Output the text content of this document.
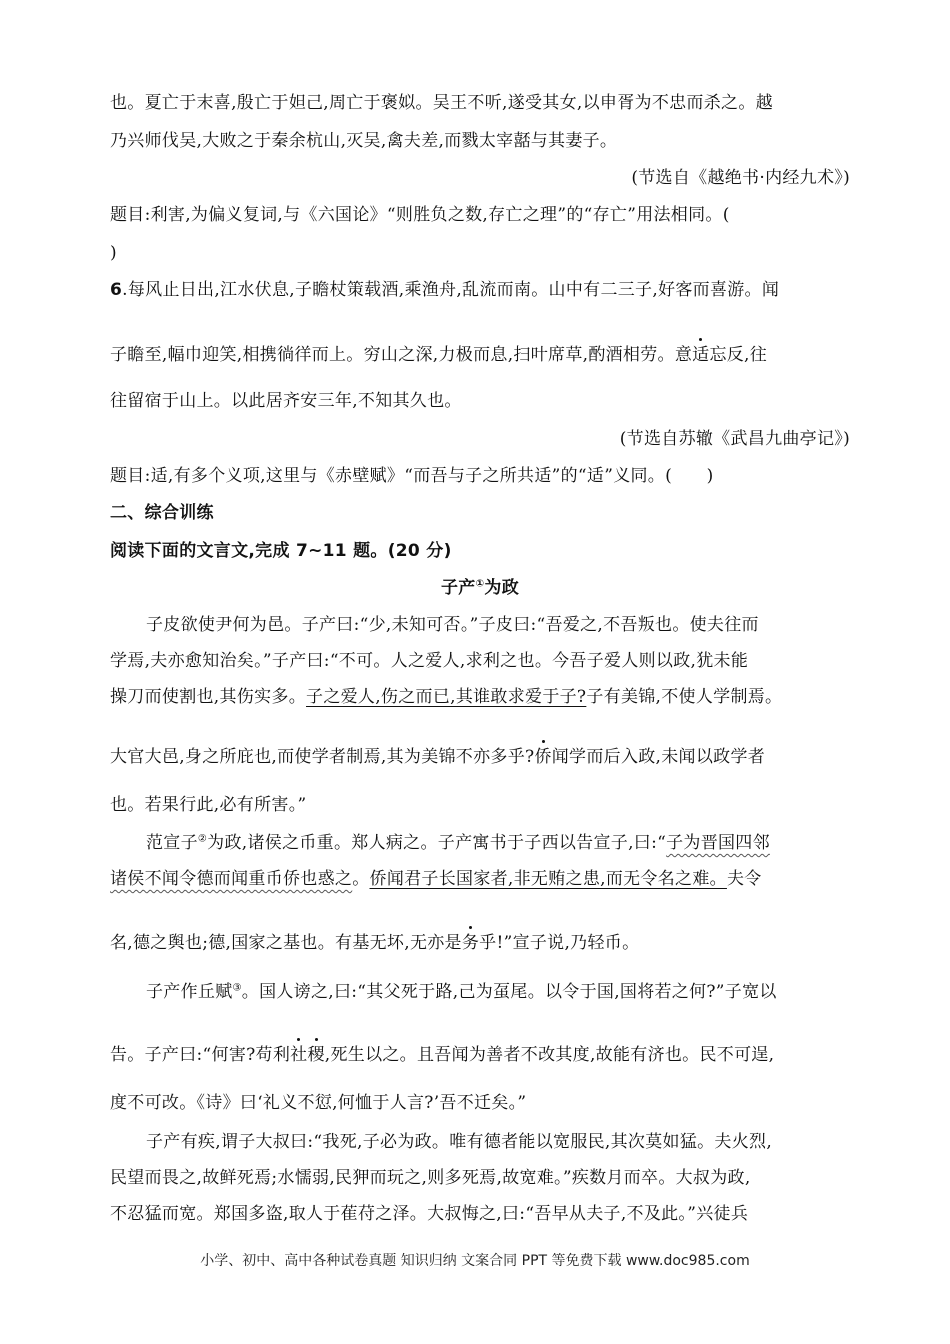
也。夏亡于末喜,殷亡于妲己,周亡于褒姒。吴王不听,遂受其女,以申胥为不忠而杀之。越
乃兴师伐吴,大败之于秦余杭山,灭吴,禽夫差,而戮太宰嚭与其妻子。
(节选自《越绝书·内经九术》)
题目:利害,为偏义复词,与《六国论》“则胜负之数,存亡之理”的“存亡”用法相同。(
)
6.每风止日出,江水伏息,子瞻杖策载酒,乘渔舟,乱流而南。山中有二三子,好客而喜游。闻
子瞻至,幅巾迎笑,相携徜徉而上。穷山之深,力极而息,扫叶席草,酌酒相劳。意适忘反,往
往留宿于山上。以此居齐安三年,不知其久也。
(节选自苏辙《武昌九曲亭记》)
题目:适,有多个义项,这里与《赤壁赋》“而吾与子之所共适”的“适”义同。(　　)
二、综合训练
阅读下面的文言文,完成 7~11 题。(20 分)
子产①为政
子皮欲使尹何为邑。子产曰:“少,未知可否。”子皮曰:“吾爱之,不吾叛也。使夫往而
学焉,夫亦愈知治矣。”子产曰:“不可。人之爱人,求利之也。今吾子爱人则以政,犹未能
操刀而使割也,其伤实多。子之爱人,伤之而已,其谁敢求爱于子?子有美锦,不使人学制焉。
大官大邑,身之所庇也,而使学者制焉,其为美锦不亦多乎?侨闻学而后入政,未闻以政学者
也。若果行此,必有所害。”
范宣子②为政,诸侯之币重。郑人病之。子产寓书于子西以告宣子,曰:“子为晋国四邻
诸侯不闻令德而闻重币侨也惑之。侨闻君子长国家者,非无贿之患,而无令名之难。夫令
名,德之舆也;德,国家之基也。有基无坏,无亦是务乎!”宣子说,乃轻币。
子产作丘赋③。国人谤之,曰:“其父死于路,己为虿尾。以令于国,国将若之何?”子宽以
告。子产曰:“何害?苟利社稷,死生以之。且吾闻为善者不改其度,故能有济也。民不可逞,
度不可改。《诗》曰‘礼义不愆,何恤于人言?’吾不迁矣。”
子产有疾,谓子大叔曰:“我死,子必为政。唯有德者能以宽服民,其次莫如猛。夫火烈,
民望而畏之,故鲜死焉;水懦弱,民狎而玩之,则多死焉,故宽难。”疾数月而卒。大叔为政,
不忍猛而宽。郑国多盗,取人于萑苻之泽。大叔悔之,曰:“吾早从夫子,不及此。”兴徒兵
小学、初中、高中各种试卷真题 知识归纳 文案合同 PPT 等免费下载 www.doc985.com
